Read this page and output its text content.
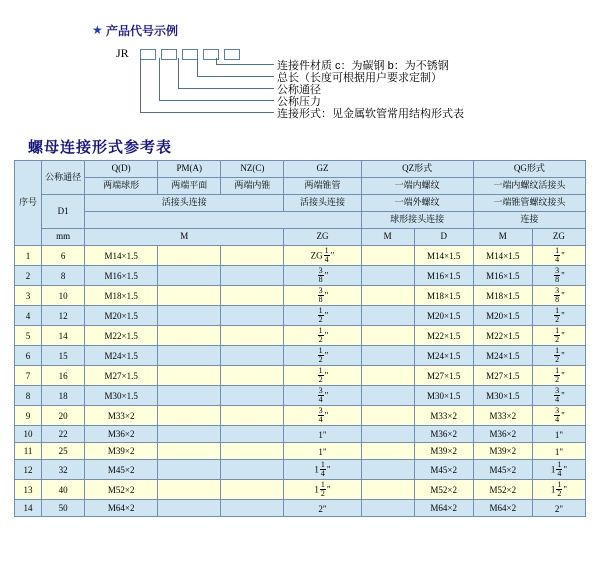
★ 产品代号示例
JR
连接件材质 c：为碳钢 b：为不锈钢
总长（长度可根据用户要求定制）
公称通径
公称压力
连接形式：见金属软管常用结构形式表
螺母连接形式参考表
序号	公称通径	Q(D)	PM(A)	NZ(C)	GZ	QZ形式		QG形式	
		两端球形	两端平面	两端内锥	两端锥管	一端内螺纹		一端内螺纹活接头	
	D1	活接头连接			活接头连接	一端外螺纹		一端锥管螺纹接头	
						球形接头连接		连接	
	mm	M			ZG	M	D	M	ZG
1	6	M14×1.5			ZG $\frac{1}{4}$ "		M14×1.5	M14×1.5	$\frac{1}{4}$ "
2	8	M16×1.5			$\frac{3}{8}$ "		M16×1.5	M16×1.5	$\frac{3}{8}$ "
3	10	M18×1.5			$\frac{3}{8}$ "		M18×1.5	M18×1.5	$\frac{3}{8}$ "
4	12	M20×1.5			$\frac{1}{2}$ "		M20×1.5	M20×1.5	$\frac{1}{2}$ "
5	14	M22×1.5			$\frac{1}{2}$ "		M22×1.5	M22×1.5	$\frac{1}{2}$ "
6	15	M24×1.5			$\frac{1}{2}$ "		M24×1.5	M24×1.5	$\frac{1}{2}$ "
7	16	M27×1.5			$\frac{1}{2}$ "		M27×1.5	M27×1.5	$\frac{1}{2}$ "
8	18	M30×1.5			$\frac{3}{4}$ "		M30×1.5	M30×1.5	$\frac{3}{4}$ "
9	20	M33×2			$\frac{3}{4}$ "		M33×2	M33×2	$\frac{3}{4}$ "
10	22	M36×2			1"		M36×2	M36×2	1"
11	25	M39×2			1"		M39×2	M39×2	1"
12	32	M45×2			$1 \frac{1}{4}$ "		M45×2	M45×2	$1 \frac{1}{4}$ "
13	40	M52×2			$1 \frac{1}{2}$ "		M52×2	M52×2	$1 \frac{1}{2}$ "
14	50	M64×2			2"		M64×2	M64×2	2"
